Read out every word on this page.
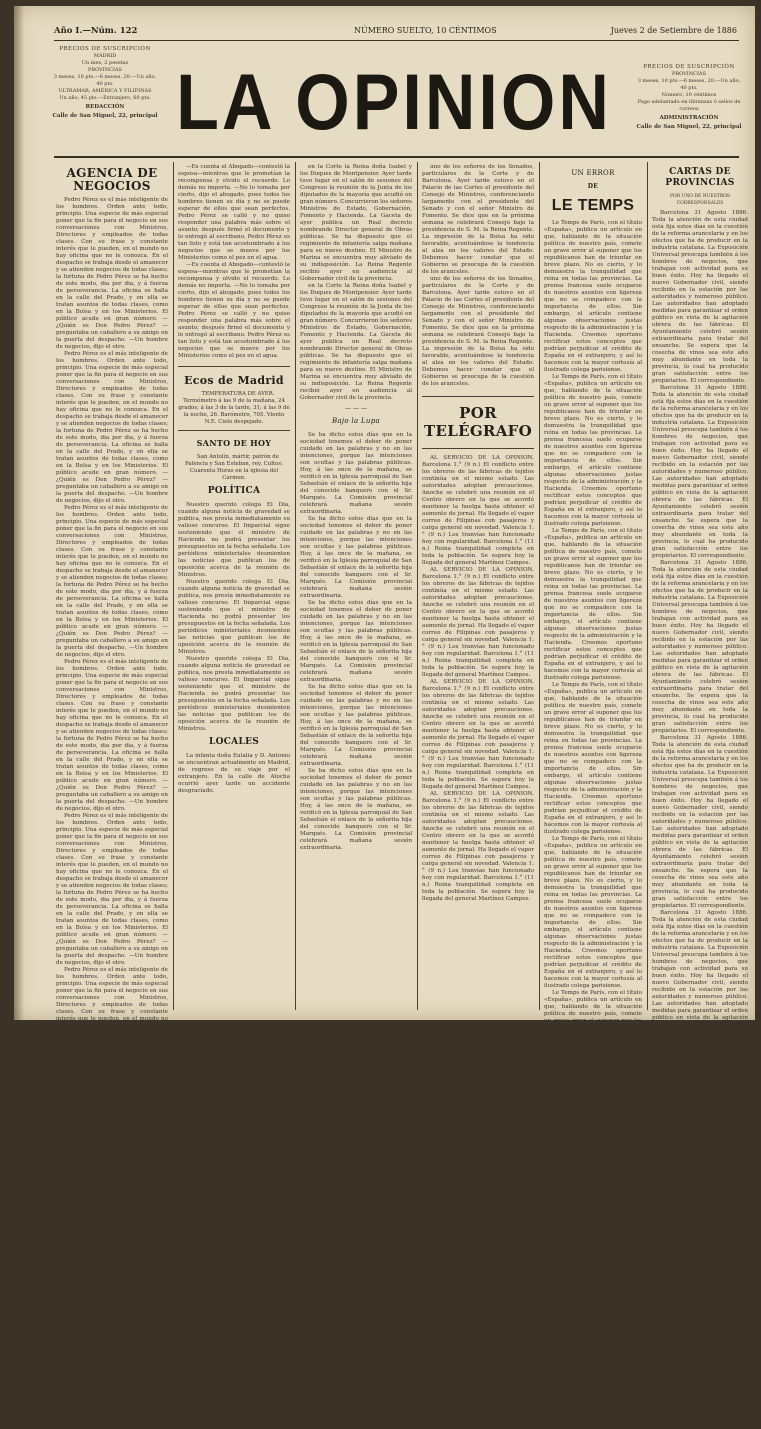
Año I.—Núm. 122	NÚMERO SUELTO, 10 CÉNTIMOS	Jueves 2 de Setiembre de 1886
PRECIOS DE SUSCRIPCIÓN
MADRID
Un mes, 2 pesetas
PROVINCIAS
3 meses, 10 pts.—6 meses, 20.—Un año, 40 pts.
ULTRAMAR, AMÉRICA Y FILIPINAS
Un año, 45 pts.—Extranjero, 60 pts.
REDACCIÓN
Calle de San Miguel, 22, principal LA OPINION	PRECIOS DE SUSCRIPCIÓN
PROVINCIAS
3 meses, 10 pts.—6 meses, 20.—Un año, 40 pts.
Número, 10 céntimos
Pago adelantado en libranzas ó sellos de correos
ADMINISTRACIÓN
Calle de San Miguel, 22, principal
AGENCIA DE NEGOCIOS

Pedro Pérez es el más inteligente de los hombres. Orden ante todo, principio. Una especie de más especial poner que la fin para el negocio en sus conversaciones con Ministros, Directores y empleados de todas clases. Con su frase y constante interés que le pueden, en el mundo no hay oficina que no le conozca. En el despacho se trabaja desde el amanecer y se atienden negocios de todas clases; la fortuna de Pedro Pérez se ha hecho de este modo, dia por dia, y á fuerza de perseverancia. La oficina se halla en la calle del Prado, y en ella se tratan asuntos de todas clases, como en la Bolsa y en los Ministerios. El público acude en gran número. —¿Quién es Don Pedro Pérez? —preguntaba un caballero a su amigo en la puerta del despacho. —Un hombre de negocios, dijo el otro.

Pedro Pérez es el más inteligente de los hombres. Orden ante todo, principio. Una especie de más especial poner que la fin para el negocio en sus conversaciones con Ministros, Directores y empleados de todas clases. Con su frase y constante interés que le pueden, en el mundo no hay oficina que no le conozca. En el despacho se trabaja desde el amanecer y se atienden negocios de todas clases; la fortuna de Pedro Pérez se ha hecho de este modo, dia por dia, y á fuerza de perseverancia. La oficina se halla en la calle del Prado, y en ella se tratan asuntos de todas clases, como en la Bolsa y en los Ministerios. El público acude en gran número. —¿Quién es Don Pedro Pérez? —preguntaba un caballero a su amigo en la puerta del despacho. —Un hombre de negocios, dijo el otro.

Pedro Pérez es el más inteligente de los hombres. Orden ante todo, principio. Una especie de más especial poner que la fin para el negocio en sus conversaciones con Ministros, Directores y empleados de todas clases. Con su frase y constante interés que le pueden, en el mundo no hay oficina que no le conozca. En el despacho se trabaja desde el amanecer y se atienden negocios de todas clases; la fortuna de Pedro Pérez se ha hecho de este modo, dia por dia, y á fuerza de perseverancia. La oficina se halla en la calle del Prado, y en ella se tratan asuntos de todas clases, como en la Bolsa y en los Ministerios. El público acude en gran número. —¿Quién es Don Pedro Pérez? —preguntaba un caballero a su amigo en la puerta del despacho. —Un hombre de negocios, dijo el otro.

Pedro Pérez es el más inteligente de los hombres. Orden ante todo, principio. Una especie de más especial poner que la fin para el negocio en sus conversaciones con Ministros, Directores y empleados de todas clases. Con su frase y constante interés que le pueden, en el mundo no hay oficina que no le conozca. En el despacho se trabaja desde el amanecer y se atienden negocios de todas clases; la fortuna de Pedro Pérez se ha hecho de este modo, dia por dia, y á fuerza de perseverancia. La oficina se halla en la calle del Prado, y en ella se tratan asuntos de todas clases, como en la Bolsa y en los Ministerios. El público acude en gran número. —¿Quién es Don Pedro Pérez? —preguntaba un caballero a su amigo en la puerta del despacho. —Un hombre de negocios, dijo el otro.

Pedro Pérez es el más inteligente de los hombres. Orden ante todo, principio. Una especie de más especial poner que la fin para el negocio en sus conversaciones con Ministros, Directores y empleados de todas clases. Con su frase y constante interés que le pueden, en el mundo no hay oficina que no le conozca. En el despacho se trabaja desde el amanecer y se atienden negocios de todas clases; la fortuna de Pedro Pérez se ha hecho de este modo, dia por dia, y á fuerza de perseverancia. La oficina se halla en la calle del Prado, y en ella se tratan asuntos de todas clases, como en la Bolsa y en los Ministerios. El público acude en gran número. —¿Quién es Don Pedro Pérez? —preguntaba un caballero a su amigo en la puerta del despacho. —Un hombre de negocios, dijo el otro.

Pedro Pérez es el más inteligente de los hombres. Orden ante todo, principio. Una especie de más especial poner que la fin para el negocio en sus conversaciones con Ministros, Directores y empleados de todas clases. Con su frase y constante interés que le pueden, en el mundo no hay oficina que no le conozca. En el despacho se trabaja desde el amanecer y se atienden negocios de todas clases; la fortuna de Pedro Pérez se ha hecho de este modo, dia por dia, y á fuerza de perseverancia. La oficina se halla en la calle del Prado, y en ella se tratan asuntos de todas clases, como en la Bolsa y en los Ministerios. El público acude en gran número. —¿Quién es Don Pedro Pérez? —preguntaba un caballero a su amigo en la puerta del despacho. —Un hombre de negocios, dijo el otro.

Pedro Pérez es el más inteligente de los hombres. Orden ante todo, principio. Una especie de más especial poner que la fin para el negocio en sus conversaciones con Ministros, Directores y empleados de todas clases. Con su frase y constante interés que le pueden, en el mundo no hay oficina que no le conozca. En el despacho se trabaja desde el amanecer y se atienden negocios de todas clases; la fortuna de Pedro Pérez se ha hecho de este modo, dia por dia, y á fuerza de perseverancia. La oficina se halla en la calle del Prado, y en ella se tratan asuntos de todas clases, como en la Bolsa y en los Ministerios. El público acude en gran número. —¿Quién es Don Pedro Pérez? —preguntaba un caballero a su amigo en la puerta del despacho. —Un hombre de negocios, dijo el otro.

Pedro Pérez es el más inteligente de los hombres. Orden ante todo, principio. Una especie de más especial poner que la fin para el negocio en sus conversaciones con Ministros, Directores y empleados de todas clases. Con su frase y constante interés que le pueden, en el mundo no hay oficina que no le conozca. En el despacho se trabaja desde el amanecer y se atienden negocios de todas clases; la fortuna de Pedro Pérez se ha hecho de este modo, dia por dia, y á fuerza de perseverancia. La oficina se halla en la calle del Prado, y en ella se tratan asuntos de todas clases, como en la Bolsa y en los Ministerios. El público acude en gran número. —¿Quién es Don Pedro Pérez? —preguntaba un caballero a su amigo en la puerta del despacho. —Un hombre de negocios, dijo el otro.

—Es cuenta el Abogado—contestó la esposa—mientras que le prometían la recompensa y olvido el recuerdo. Lo demás no importa. —No lo tomaba por cierto, dijo el abogado, pues todos los hombres tienen su día y no se puede esperar de ellos que sean perfectos. Pedro Pérez se calló y no quiso responder una palabra más sobre el asunto; después firmó el documento y lo entregó al escribano. Pedro Pérez es tan listo y está tan acostumbrado á los negocios que se mueve por los Ministerios como el pez en el agua.

—Es cuenta el Abogado—contestó la esposa—mientras que le prometían la recompensa y olvido el recuerdo. Lo demás no importa. —No lo tomaba por cierto, dijo el abogado, pues todos los hombres tienen su día y no se puede esperar de ellos que sean perfectos. Pedro Pérez se calló y no quiso responder una palabra más sobre el asunto; después firmó el documento y lo entregó al escribano. Pedro Pérez es tan listo y está tan acostumbrado á los negocios que se mueve por los Ministerios como el pez en el agua.

Ecos de Madrid

TEMPERATURA DE AYER. Termómetro á las 9 de la mañana, 24 grados; á las 3 de la tarde, 31; á las 9 de la noche, 26. Barómetro, 705. Viento N.E. Cielo despejado.

SANTO DE HOY

San Antolín, mártir, patrón de Palencia y San Esteban, rey. Cultos: Cuarenta Horas en la iglesia del Carmen.

POLÍTICA

Nuestro querido colega El Dia, cuando alguna noticia de gravedad se publica, nos presta inmediatamente su valioso concurso. El Imparcial sigue sosteniendo que el ministro de Hacienda no podrá presentar los presupuestos en la fecha señalada. Los periódicos ministeriales desmienten las noticias que publican los de oposición acerca de la reunión de Ministros.

Nuestro querido colega El Dia, cuando alguna noticia de gravedad se publica, nos presta inmediatamente su valioso concurso. El Imparcial sigue sosteniendo que el ministro de Hacienda no podrá presentar los presupuestos en la fecha señalada. Los periódicos ministeriales desmienten las noticias que publican los de oposición acerca de la reunión de Ministros.

Nuestro querido colega El Dia, cuando alguna noticia de gravedad se publica, nos presta inmediatamente su valioso concurso. El Imparcial sigue sosteniendo que el ministro de Hacienda no podrá presentar los presupuestos en la fecha señalada. Los periódicos ministeriales desmienten las noticias que publican los de oposición acerca de la reunión de Ministros.

LOCALES

La infanta doña Eulalia y D. Antonio se encuentran actualmente en Madrid, de regreso de su viaje por el extranjero. En la calle de Atocha ocurrió ayer tarde un accidente desgraciado.

en la Corte la Reina doña Isabel y los Duques de Montpensier. Ayer tarde tuvo lugar en el salón de sesiones del Congreso la reunión de la Junta de los diputados de la mayoría que acudió en gran número. Concurrieron los señores Ministros de Estado, Gobernación, Fomento y Hacienda. La Gaceta de ayer publica un Real decreto nombrando Director general de Obras públicas. Se ha dispuesto que el regimiento de infantería salga mañana para su nuevo destino. El Ministro de Marina se encuentra muy aliviado de su indisposición. La Reina Regente recibió ayer en audiencia al Gobernador civil de la provincia.

en la Corte la Reina doña Isabel y los Duques de Montpensier. Ayer tarde tuvo lugar en el salón de sesiones del Congreso la reunión de la Junta de los diputados de la mayoría que acudió en gran número. Concurrieron los señores Ministros de Estado, Gobernación, Fomento y Hacienda. La Gaceta de ayer publica un Real decreto nombrando Director general de Obras públicas. Se ha dispuesto que el regimiento de infantería salga mañana para su nuevo destino. El Ministro de Marina se encuentra muy aliviado de su indisposición. La Reina Regente recibió ayer en audiencia al Gobernador civil de la provincia.

— — —
Bajo la Lupa

Se ha dicho estos días que en la sociedad tenemos el deber de poner cuidado en las palabras y no en las intenciones, porque las intenciones son ocultas y las palabras públicas. Hoy, á las once de la mañana, se verificó en la Iglesia parroquial de San Sebastián el enlace de la señorita hija del conocido banquero con el Sr. Marqués. La Comisión provincial celebrará mañana sesión extraordinaria.

Se ha dicho estos días que en la sociedad tenemos el deber de poner cuidado en las palabras y no en las intenciones, porque las intenciones son ocultas y las palabras públicas. Hoy, á las once de la mañana, se verificó en la Iglesia parroquial de San Sebastián el enlace de la señorita hija del conocido banquero con el Sr. Marqués. La Comisión provincial celebrará mañana sesión extraordinaria.

Se ha dicho estos días que en la sociedad tenemos el deber de poner cuidado en las palabras y no en las intenciones, porque las intenciones son ocultas y las palabras públicas. Hoy, á las once de la mañana, se verificó en la Iglesia parroquial de San Sebastián el enlace de la señorita hija del conocido banquero con el Sr. Marqués. La Comisión provincial celebrará mañana sesión extraordinaria.

Se ha dicho estos días que en la sociedad tenemos el deber de poner cuidado en las palabras y no en las intenciones, porque las intenciones son ocultas y las palabras públicas. Hoy, á las once de la mañana, se verificó en la Iglesia parroquial de San Sebastián el enlace de la señorita hija del conocido banquero con el Sr. Marqués. La Comisión provincial celebrará mañana sesión extraordinaria.

Se ha dicho estos días que en la sociedad tenemos el deber de poner cuidado en las palabras y no en las intenciones, porque las intenciones son ocultas y las palabras públicas. Hoy, á las once de la mañana, se verificó en la Iglesia parroquial de San Sebastián el enlace de la señorita hija del conocido banquero con el Sr. Marqués. La Comisión provincial celebrará mañana sesión extraordinaria.

uno de los señores de los Senados, particulares de la Corte y de Barcelona. Ayer tarde estuvo en el Palacio de las Cortes el presidente del Consejo de Ministros, conferenciando largamente con el presidente del Senado y con el señor Ministro de Fomento. Se dice que en la próxima semana se celebrará Consejo bajo la presidencia de S. M. la Reina Regente. La impresión de la Bolsa ha sido favorable, acentuándose la tendencia al alza en los valores del Estado. Debemos hacer constar que el Gobierno se preocupa de la cuestión de los aranceles.

uno de los señores de los Senados, particulares de la Corte y de Barcelona. Ayer tarde estuvo en el Palacio de las Cortes el presidente del Consejo de Ministros, conferenciando largamente con el presidente del Senado y con el señor Ministro de Fomento. Se dice que en la próxima semana se celebrará Consejo bajo la presidencia de S. M. la Reina Regente. La impresión de la Bolsa ha sido favorable, acentuándose la tendencia al alza en los valores del Estado. Debemos hacer constar que el Gobierno se preocupa de la cuestión de los aranceles.

POR TELÉGRAFO

AL SERVICIO DE LA OPINION. Barcelona 1.° (9 n.) El conflicto entre los obreros de las fábricas de tejidos continúa en el mismo estado. Las autoridades adoptan precauciones. Anoche se celebró una reunión en el Centro obrero en la que se acordó mantener la huelga hasta obtener el aumento de jornal. Ha llegado el vapor correo de Filipinas con pasajeros y carga general sin novedad. Valencia 1.° (9 n.) Los tranvías han funcionado hoy con regularidad. Barcelona 1.° (11 n.) Reina tranquilidad completa en toda la población. Se espera hoy la llegada del general Martínez Campos.

AL SERVICIO DE LA OPINION. Barcelona 1.° (9 n.) El conflicto entre los obreros de las fábricas de tejidos continúa en el mismo estado. Las autoridades adoptan precauciones. Anoche se celebró una reunión en el Centro obrero en la que se acordó mantener la huelga hasta obtener el aumento de jornal. Ha llegado el vapor correo de Filipinas con pasajeros y carga general sin novedad. Valencia 1.° (9 n.) Los tranvías han funcionado hoy con regularidad. Barcelona 1.° (11 n.) Reina tranquilidad completa en toda la población. Se espera hoy la llegada del general Martínez Campos.

AL SERVICIO DE LA OPINION. Barcelona 1.° (9 n.) El conflicto entre los obreros de las fábricas de tejidos continúa en el mismo estado. Las autoridades adoptan precauciones. Anoche se celebró una reunión en el Centro obrero en la que se acordó mantener la huelga hasta obtener el aumento de jornal. Ha llegado el vapor correo de Filipinas con pasajeros y carga general sin novedad. Valencia 1.° (9 n.) Los tranvías han funcionado hoy con regularidad. Barcelona 1.° (11 n.) Reina tranquilidad completa en toda la población. Se espera hoy la llegada del general Martínez Campos.

AL SERVICIO DE LA OPINION. Barcelona 1.° (9 n.) El conflicto entre los obreros de las fábricas de tejidos continúa en el mismo estado. Las autoridades adoptan precauciones. Anoche se celebró una reunión en el Centro obrero en la que se acordó mantener la huelga hasta obtener el aumento de jornal. Ha llegado el vapor correo de Filipinas con pasajeros y carga general sin novedad. Valencia 1.° (9 n.) Los tranvías han funcionado hoy con regularidad. Barcelona 1.° (11 n.) Reina tranquilidad completa en toda la población. Se espera hoy la llegada del general Martínez Campos.

UN ERROR
DE
LE TEMPS

Le Temps de París, con el título «España», publica un artículo en que, hablando de la situación política de nuestro país, comete un grave error al suponer que los republicanos han de triunfar en breve plazo. No es cierto, y lo demuestra la tranquilidad que reina en todas las provincias. La prensa francesa suele ocuparse de nuestros asuntos con ligereza que no se compadece con la importancia de ellos. Sin embargo, el artículo contiene algunas observaciones justas respecto de la administración y la Hacienda. Creemos oportuno rectificar estos conceptos que podrían perjudicar el crédito de España en el extranjero, y así lo hacemos con la mayor cortesía al ilustrado colega parisiense.

Le Temps de París, con el título «España», publica un artículo en que, hablando de la situación política de nuestro país, comete un grave error al suponer que los republicanos han de triunfar en breve plazo. No es cierto, y lo demuestra la tranquilidad que reina en todas las provincias. La prensa francesa suele ocuparse de nuestros asuntos con ligereza que no se compadece con la importancia de ellos. Sin embargo, el artículo contiene algunas observaciones justas respecto de la administración y la Hacienda. Creemos oportuno rectificar estos conceptos que podrían perjudicar el crédito de España en el extranjero, y así lo hacemos con la mayor cortesía al ilustrado colega parisiense.

Le Temps de París, con el título «España», publica un artículo en que, hablando de la situación política de nuestro país, comete un grave error al suponer que los republicanos han de triunfar en breve plazo. No es cierto, y lo demuestra la tranquilidad que reina en todas las provincias. La prensa francesa suele ocuparse de nuestros asuntos con ligereza que no se compadece con la importancia de ellos. Sin embargo, el artículo contiene algunas observaciones justas respecto de la administración y la Hacienda. Creemos oportuno rectificar estos conceptos que podrían perjudicar el crédito de España en el extranjero, y así lo hacemos con la mayor cortesía al ilustrado colega parisiense.

Le Temps de París, con el título «España», publica un artículo en que, hablando de la situación política de nuestro país, comete un grave error al suponer que los republicanos han de triunfar en breve plazo. No es cierto, y lo demuestra la tranquilidad que reina en todas las provincias. La prensa francesa suele ocuparse de nuestros asuntos con ligereza que no se compadece con la importancia de ellos. Sin embargo, el artículo contiene algunas observaciones justas respecto de la administración y la Hacienda. Creemos oportuno rectificar estos conceptos que podrían perjudicar el crédito de España en el extranjero, y así lo hacemos con la mayor cortesía al ilustrado colega parisiense.

Le Temps de París, con el título «España», publica un artículo en que, hablando de la situación política de nuestro país, comete un grave error al suponer que los republicanos han de triunfar en breve plazo. No es cierto, y lo demuestra la tranquilidad que reina en todas las provincias. La prensa francesa suele ocuparse de nuestros asuntos con ligereza que no se compadece con la importancia de ellos. Sin embargo, el artículo contiene algunas observaciones justas respecto de la administración y la Hacienda. Creemos oportuno rectificar estos conceptos que podrían perjudicar el crédito de España en el extranjero, y así lo hacemos con la mayor cortesía al ilustrado colega parisiense.

Le Temps de París, con el título «España», publica un artículo en que, hablando de la situación política de nuestro país, comete un grave error al suponer que los republicanos han de triunfar en breve plazo. No es cierto, y lo demuestra la tranquilidad que reina en todas las provincias. La prensa francesa suele ocuparse de nuestros asuntos con ligereza que no se compadece con la importancia de ellos. Sin embargo, el artículo contiene algunas observaciones justas respecto de la administración y la Hacienda. Creemos oportuno rectificar estos conceptos que podrían perjudicar el crédito de España en el extranjero, y así lo hacemos con la mayor cortesía al ilustrado colega parisiense.

CARTAS DE PROVINCIAS
POR UNO DE NUESTROS CORRESPONSALES

Barcelona 31 Agosto 1886. Toda la atención de esta ciudad está fija estos días en la cuestión de la reforma arancelaria y en los efectos que ha de producir en la industria catalana. La Exposición Universal preocupa también á los hombres de negocios, que trabajan con actividad para su buen éxito. Hoy ha llegado el nuevo Gobernador civil, siendo recibido en la estación por las autoridades y numeroso público. Las autoridades han adoptado medidas para garantizar el orden público en vista de la agitación obrera de las fábricas. El Ayuntamiento celebró sesión extraordinaria para tratar del ensanche. Se espera que la cosecha de vinos sea este año muy abundante en toda la provincia, lo cual ha producido gran satisfacción entre los propietarios. El correspondiente.

Barcelona 31 Agosto 1886. Toda la atención de esta ciudad está fija estos días en la cuestión de la reforma arancelaria y en los efectos que ha de producir en la industria catalana. La Exposición Universal preocupa también á los hombres de negocios, que trabajan con actividad para su buen éxito. Hoy ha llegado el nuevo Gobernador civil, siendo recibido en la estación por las autoridades y numeroso público. Las autoridades han adoptado medidas para garantizar el orden público en vista de la agitación obrera de las fábricas. El Ayuntamiento celebró sesión extraordinaria para tratar del ensanche. Se espera que la cosecha de vinos sea este año muy abundante en toda la provincia, lo cual ha producido gran satisfacción entre los propietarios. El correspondiente.

Barcelona 31 Agosto 1886. Toda la atención de esta ciudad está fija estos días en la cuestión de la reforma arancelaria y en los efectos que ha de producir en la industria catalana. La Exposición Universal preocupa también á los hombres de negocios, que trabajan con actividad para su buen éxito. Hoy ha llegado el nuevo Gobernador civil, siendo recibido en la estación por las autoridades y numeroso público. Las autoridades han adoptado medidas para garantizar el orden público en vista de la agitación obrera de las fábricas. El Ayuntamiento celebró sesión extraordinaria para tratar del ensanche. Se espera que la cosecha de vinos sea este año muy abundante en toda la provincia, lo cual ha producido gran satisfacción entre los propietarios. El correspondiente.

Barcelona 31 Agosto 1886. Toda la atención de esta ciudad está fija estos días en la cuestión de la reforma arancelaria y en los efectos que ha de producir en la industria catalana. La Exposición Universal preocupa también á los hombres de negocios, que trabajan con actividad para su buen éxito. Hoy ha llegado el nuevo Gobernador civil, siendo recibido en la estación por las autoridades y numeroso público. Las autoridades han adoptado medidas para garantizar el orden público en vista de la agitación obrera de las fábricas. El Ayuntamiento celebró sesión extraordinaria para tratar del ensanche. Se espera que la cosecha de vinos sea este año muy abundante en toda la provincia, lo cual ha producido gran satisfacción entre los propietarios. El correspondiente.

Barcelona 31 Agosto 1886. Toda la atención de esta ciudad está fija estos días en la cuestión de la reforma arancelaria y en los efectos que ha de producir en la industria catalana. La Exposición Universal preocupa también á los hombres de negocios, que trabajan con actividad para su buen éxito. Hoy ha llegado el nuevo Gobernador civil, siendo recibido en la estación por las autoridades y numeroso público. Las autoridades han adoptado medidas para garantizar el orden público en vista de la agitación obrera de las fábricas. El Ayuntamiento celebró sesión extraordinaria para tratar del ensanche. Se espera que la cosecha de vinos sea este año muy abundante en toda la provincia, lo cual ha producido gran satisfacción entre los propietarios. El correspondiente.

Barcelona 31 Agosto 1886. Toda la atención de esta ciudad está fija estos días en la cuestión de la reforma arancelaria y en los efectos que ha de producir en la industria catalana. La Exposición Universal preocupa también á los hombres de negocios, que trabajan con actividad para su buen éxito. Hoy ha llegado el nuevo Gobernador civil, siendo recibido en la estación por las autoridades y numeroso público. Las autoridades han adoptado medidas para garantizar el orden público en vista de la agitación obrera de las fábricas. El Ayuntamiento celebró sesión extraordinaria para tratar del ensanche. Se espera que la cosecha de vinos sea este año muy abundante en toda la provincia, lo cual ha producido gran satisfacción entre los propietarios. El correspondiente.
